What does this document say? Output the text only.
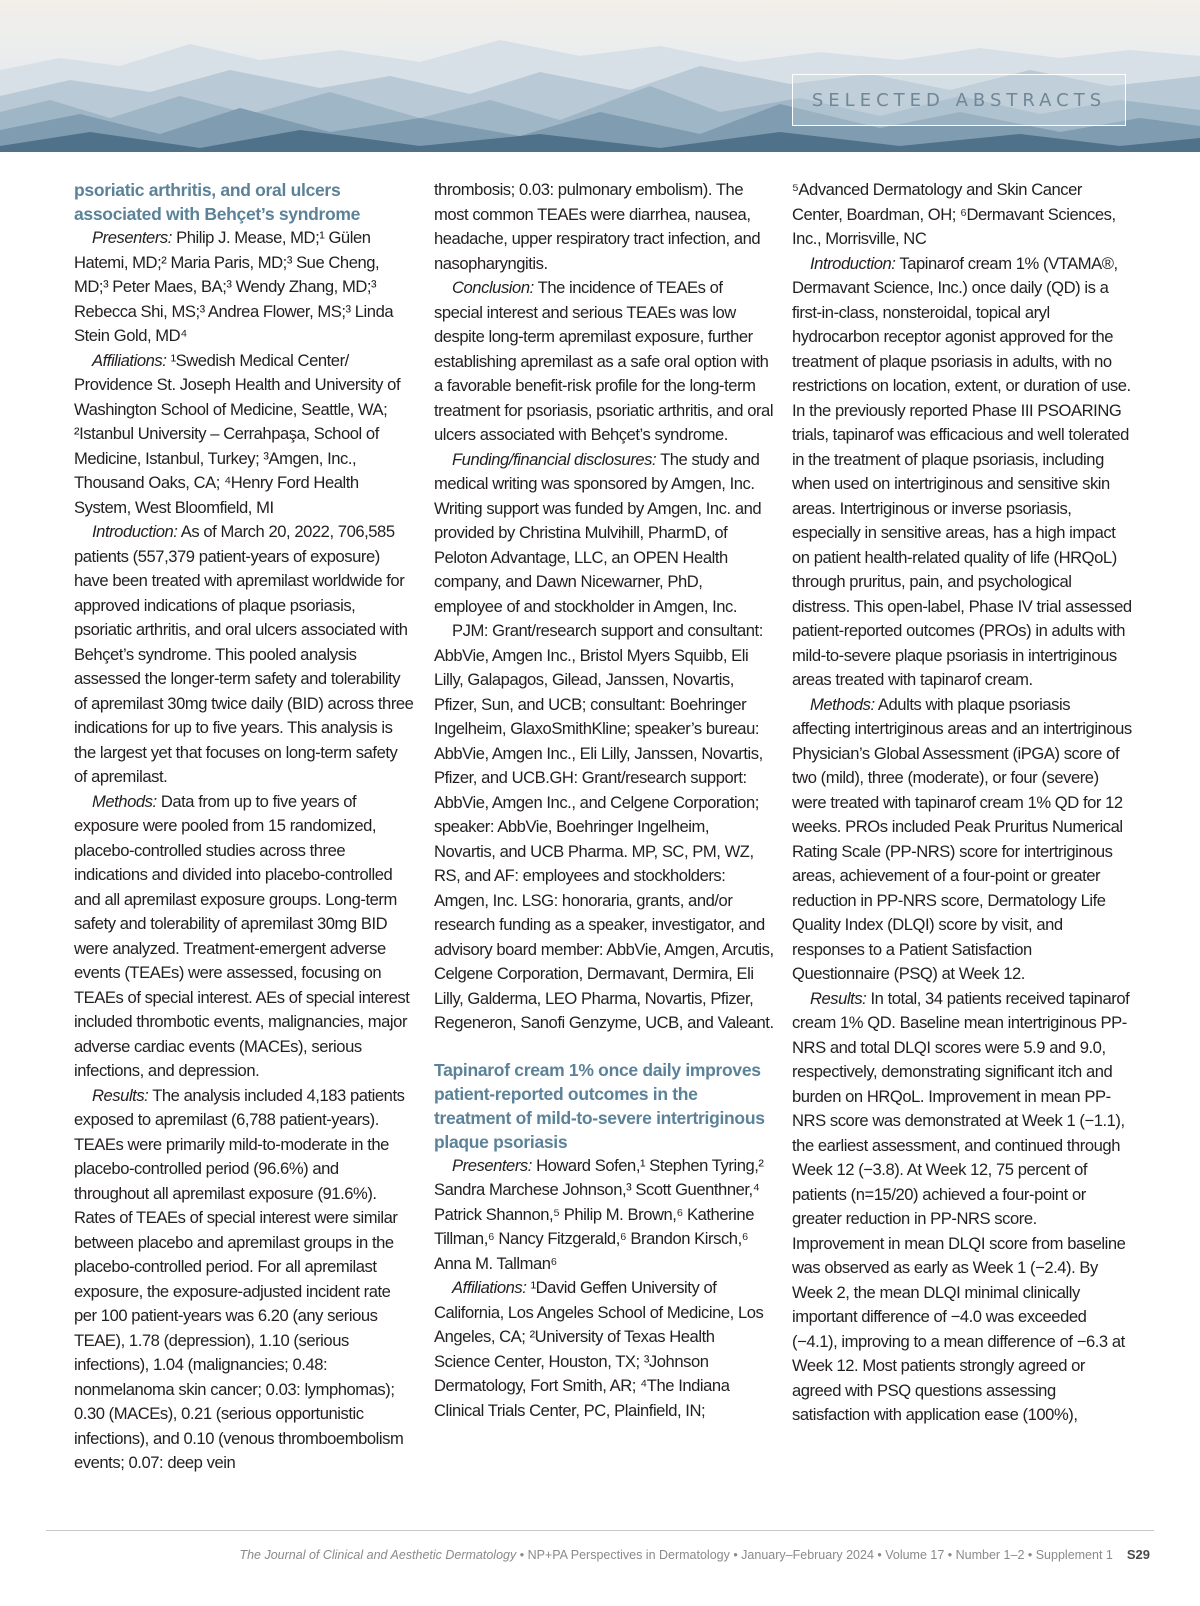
SELECTED ABSTRACTS
psoriatic arthritis, and oral ulcers associated with Behçet’s syndrome

Presenters: Philip J. Mease, MD;¹ Gülen Hatemi, MD;² Maria Paris, MD;³ Sue Cheng, MD;³ Peter Maes, BA;³ Wendy Zhang, MD;³ Rebecca Shi, MS;³ Andrea Flower, MS;³ Linda Stein Gold, MD⁴

Affiliations: ¹Swedish Medical Center/ Providence St. Joseph Health and University of Washington School of Medicine, Seattle, WA; ²Istanbul University – Cerrahpaşa, School of Medicine, Istanbul, Turkey; ³Amgen, Inc., Thousand Oaks, CA; ⁴Henry Ford Health System, West Bloomfield, MI

Introduction: As of March 20, 2022, 706,585 patients (557,379 patient-years of exposure) have been treated with apremilast worldwide for approved indications of plaque psoriasis, psoriatic arthritis, and oral ulcers associated with Behçet’s syndrome. This pooled analysis assessed the longer-term safety and tolerability of apremilast 30mg twice daily (BID) across three indications for up to five years. This analysis is the largest yet that focuses on long-term safety of apremilast.

Methods: Data from up to five years of exposure were pooled from 15 randomized, placebo-controlled studies across three indications and divided into placebo-controlled and all apremilast exposure groups. Long-term safety and tolerability of apremilast 30mg BID were analyzed. Treatment-emergent adverse events (TEAEs) were assessed, focusing on TEAEs of special interest. AEs of special interest included thrombotic events, malignancies, major adverse cardiac events (MACEs), serious infections, and depression.

Results: The analysis included 4,183 patients exposed to apremilast (6,788 patient-years). TEAEs were primarily mild-to-moderate in the placebo-controlled period (96.6%) and throughout all apremilast exposure (91.6%). Rates of TEAEs of special interest were similar between placebo and apremilast groups in the placebo-controlled period. For all apremilast exposure, the exposure-adjusted incident rate per 100 patient-years was 6.20 (any serious TEAE), 1.78 (depression), 1.10 (serious infections), 1.04 (malignancies; 0.48: nonmelanoma skin cancer; 0.03: lymphomas); 0.30 (MACEs), 0.21 (serious opportunistic infections), and 0.10 (venous thromboembolism events; 0.07: deep vein

thrombosis; 0.03: pulmonary embolism). The most common TEAEs were diarrhea, nausea, headache, upper respiratory tract infection, and nasopharyngitis.

Conclusion: The incidence of TEAEs of special interest and serious TEAEs was low despite long-term apremilast exposure, further establishing apremilast as a safe oral option with a favorable benefit-risk profile for the long-term treatment for psoriasis, psoriatic arthritis, and oral ulcers associated with Behçet’s syndrome.

Funding/financial disclosures: The study and medical writing was sponsored by Amgen, Inc. Writing support was funded by Amgen, Inc. and provided by Christina Mulvihill, PharmD, of Peloton Advantage, LLC, an OPEN Health company, and Dawn Nicewarner, PhD, employee of and stockholder in Amgen, Inc.

PJM: Grant/research support and consultant: AbbVie, Amgen Inc., Bristol Myers Squibb, Eli Lilly, Galapagos, Gilead, Janssen, Novartis, Pfizer, Sun, and UCB; consultant: Boehringer Ingelheim, GlaxoSmithKline; speaker’s bureau: AbbVie, Amgen Inc., Eli Lilly, Janssen, Novartis, Pfizer, and UCB.GH: Grant/research support: AbbVie, Amgen Inc., and Celgene Corporation; speaker: AbbVie, Boehringer Ingelheim, Novartis, and UCB Pharma. MP, SC, PM, WZ, RS, and AF: employees and stockholders: Amgen, Inc. LSG: honoraria, grants, and/or research funding as a speaker, investigator, and advisory board member: AbbVie, Amgen, Arcutis, Celgene Corporation, Dermavant, Dermira, Eli Lilly, Galderma, LEO Pharma, Novartis, Pfizer, Regeneron, Sanofi Genzyme, UCB, and Valeant.

Tapinarof cream 1% once daily improves patient-reported outcomes in the treatment of mild-to-severe intertriginous plaque psoriasis

Presenters: Howard Sofen,¹ Stephen Tyring,² Sandra Marchese Johnson,³ Scott Guenthner,⁴ Patrick Shannon,⁵ Philip M. Brown,⁶ Katherine Tillman,⁶ Nancy Fitzgerald,⁶ Brandon Kirsch,⁶ Anna M. Tallman⁶

Affiliations: ¹David Geffen University of California, Los Angeles School of Medicine, Los Angeles, CA; ²University of Texas Health Science Center, Houston, TX; ³Johnson Dermatology, Fort Smith, AR; ⁴The Indiana Clinical Trials Center, PC, Plainfield, IN;

⁵Advanced Dermatology and Skin Cancer Center, Boardman, OH; ⁶Dermavant Sciences, Inc., Morrisville, NC

Introduction: Tapinarof cream 1% (VTAMA®, Dermavant Science, Inc.) once daily (QD) is a first-in-class, nonsteroidal, topical aryl hydrocarbon receptor agonist approved for the treatment of plaque psoriasis in adults, with no restrictions on location, extent, or duration of use. In the previously reported Phase III PSOARING trials, tapinarof was efficacious and well tolerated in the treatment of plaque psoriasis, including when used on intertriginous and sensitive skin areas. Intertriginous or inverse psoriasis, especially in sensitive areas, has a high impact on patient health-related quality of life (HRQoL) through pruritus, pain, and psychological distress. This open-label, Phase IV trial assessed patient-reported outcomes (PROs) in adults with mild-to-severe plaque psoriasis in intertriginous areas treated with tapinarof cream.

Methods: Adults with plaque psoriasis affecting intertriginous areas and an intertriginous Physician’s Global Assessment (iPGA) score of two (mild), three (moderate), or four (severe) were treated with tapinarof cream 1% QD for 12 weeks. PROs included Peak Pruritus Numerical Rating Scale (PP-NRS) score for intertriginous areas, achievement of a four-point or greater reduction in PP-NRS score, Dermatology Life Quality Index (DLQI) score by visit, and responses to a Patient Satisfaction Questionnaire (PSQ) at Week 12.

Results: In total, 34 patients received tapinarof cream 1% QD. Baseline mean intertriginous PP-NRS and total DLQI scores were 5.9 and 9.0, respectively, demonstrating significant itch and burden on HRQoL. Improvement in mean PP-NRS score was demonstrated at Week 1 (−1.1), the earliest assessment, and continued through Week 12 (−3.8). At Week 12, 75 percent of patients (n=15/20) achieved a four-point or greater reduction in PP-NRS score. Improvement in mean DLQI score from baseline was observed as early as Week 1 (−2.4). By Week 2, the mean DLQI minimal clinically important difference of −4.0 was exceeded (−4.1), improving to a mean difference of −6.3 at Week 12. Most patients strongly agreed or agreed with PSQ questions assessing satisfaction with application ease (100%),

The Journal of Clinical and Aesthetic Dermatology • NP+PA Perspectives in Dermatology • January–February 2024 • Volume 17 • Number 1–2 • Supplement 1 S29
